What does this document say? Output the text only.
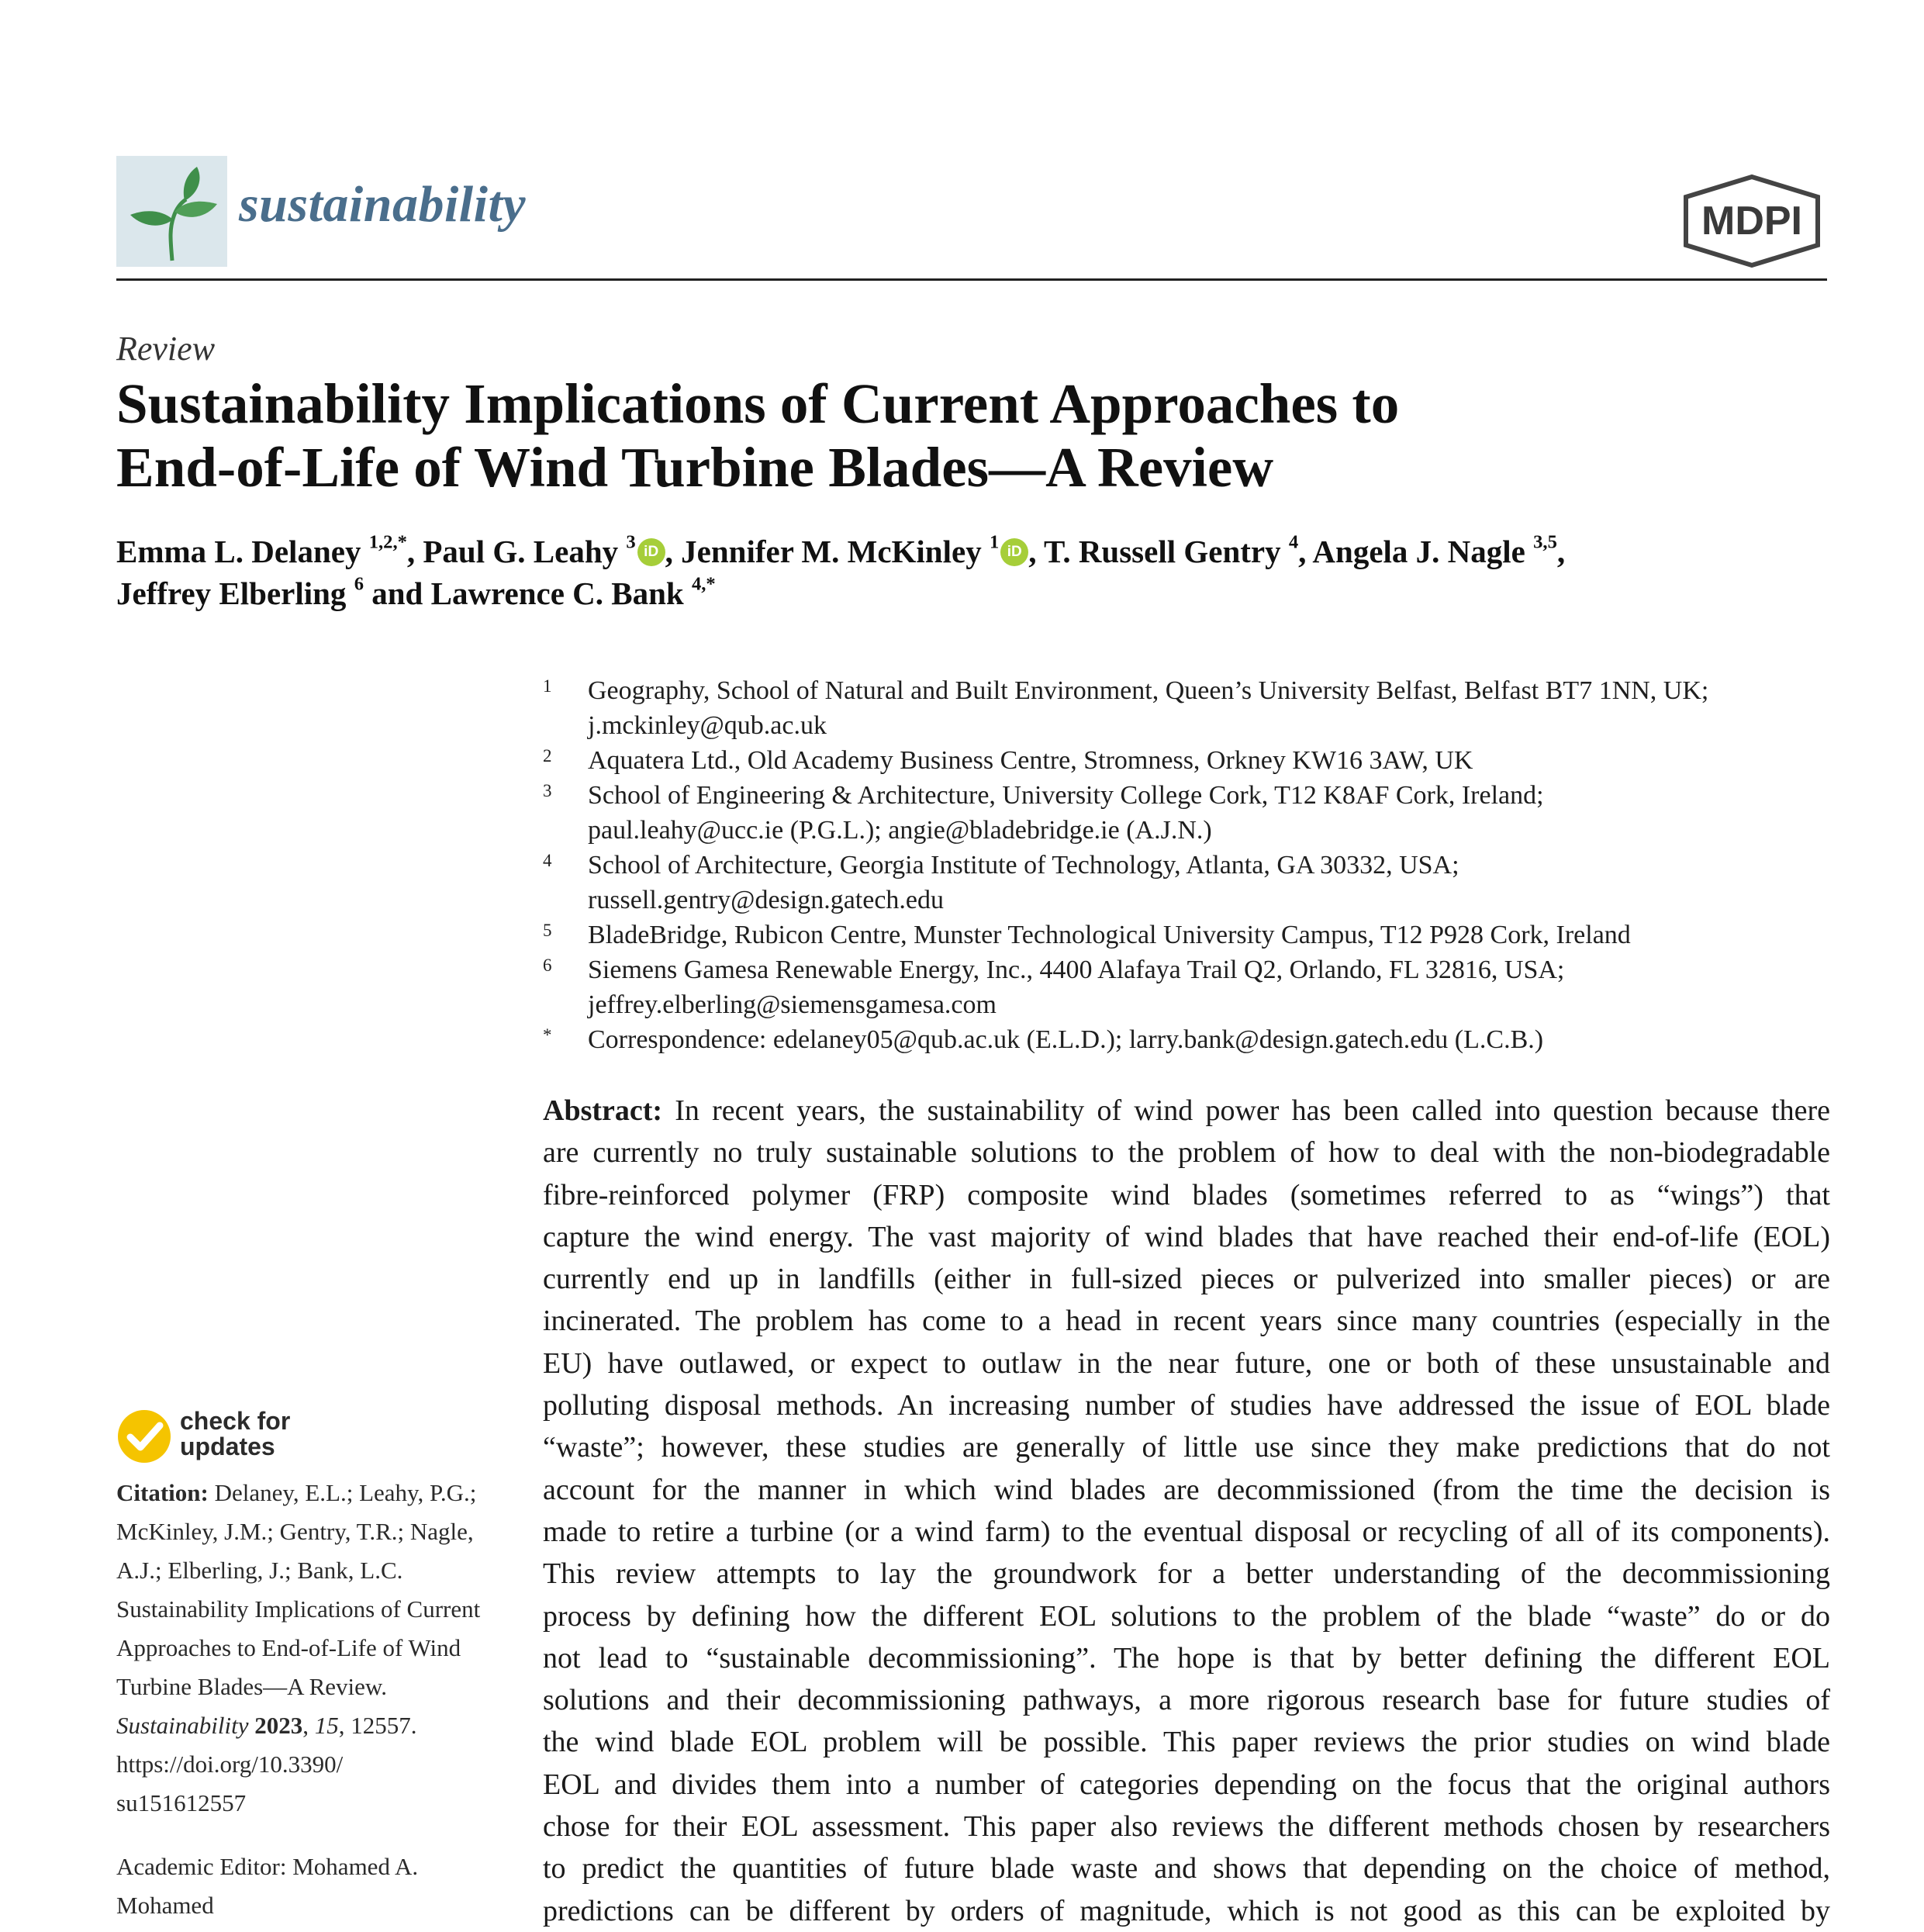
sustainability	MDPI
Review
Sustainability Implications of Current Approaches to
End-of-Life of Wind Turbine Blades—A Review
Emma L. Delaney $^{1,2,*}$, Paul G. Leahy $^3$ iD , Jennifer M. McKinley $^1$ iD , T. Russell Gentry $^4$, Angela J. Nagle $^{3,5}$,
Jeffrey Elberling $^6$ and Lawrence C. Bank $^{4,*}$
1 Geography, School of Natural and Built Environment, Queen’s University Belfast, Belfast BT7 1NN, UK;
j.mckinley@qub.ac.uk
2 Aquatera Ltd., Old Academy Business Centre, Stromness, Orkney KW16 3AW, UK
3 School of Engineering & Architecture, University College Cork, T12 K8AF Cork, Ireland;
paul.leahy@ucc.ie (P.G.L.); angie@bladebridge.ie (A.J.N.)
4 School of Architecture, Georgia Institute of Technology, Atlanta, GA 30332, USA;
russell.gentry@design.gatech.edu
5 BladeBridge, Rubicon Centre, Munster Technological University Campus, T12 P928 Cork, Ireland
6 Siemens Gamesa Renewable Energy, Inc., 4400 Alafaya Trail Q2, Orlando, FL 32816, USA;
jeffrey.elberling@siemensgamesa.com
* Correspondence: edelaney05@qub.ac.uk (E.L.D.); larry.bank@design.gatech.edu (L.C.B.)
check for
updates
Citation: Delaney, E.L.; Leahy, P.G.;
McKinley, J.M.; Gentry, T.R.; Nagle,
A.J.; Elberling, J.; Bank, L.C.
Sustainability Implications of Current
Approaches to End-of-Life of Wind
Turbine Blades—A Review.
Sustainability 2023, 15, 12557.
https://doi.org/10.3390/
su151612557
Academic Editor: Mohamed A.
Mohamed
Abstract: In recent years, the sustainability of wind power has been called into question because there
are currently no truly sustainable solutions to the problem of how to deal with the non-biodegradable
fibre-reinforced polymer (FRP) composite wind blades (sometimes referred to as “wings”) that
capture the wind energy. The vast majority of wind blades that have reached their end-of-life (EOL)
currently end up in landfills (either in full-sized pieces or pulverized into smaller pieces) or are
incinerated. The problem has come to a head in recent years since many countries (especially in the
EU) have outlawed, or expect to outlaw in the near future, one or both of these unsustainable and
polluting disposal methods. An increasing number of studies have addressed the issue of EOL blade
“waste”; however, these studies are generally of little use since they make predictions that do not
account for the manner in which wind blades are decommissioned (from the time the decision is
made to retire a turbine (or a wind farm) to the eventual disposal or recycling of all of its components).
This review attempts to lay the groundwork for a better understanding of the decommissioning
process by defining how the different EOL solutions to the problem of the blade “waste” do or do
not lead to “sustainable decommissioning”. The hope is that by better defining the different EOL
solutions and their decommissioning pathways, a more rigorous research base for future studies of
the wind blade EOL problem will be possible. This paper reviews the prior studies on wind blade
EOL and divides them into a number of categories depending on the focus that the original authors
chose for their EOL assessment. This paper also reviews the different methods chosen by researchers
to predict the quantities of future blade waste and shows that depending on the choice of method,
predictions can be different by orders of magnitude, which is not good as this can be exploited by
